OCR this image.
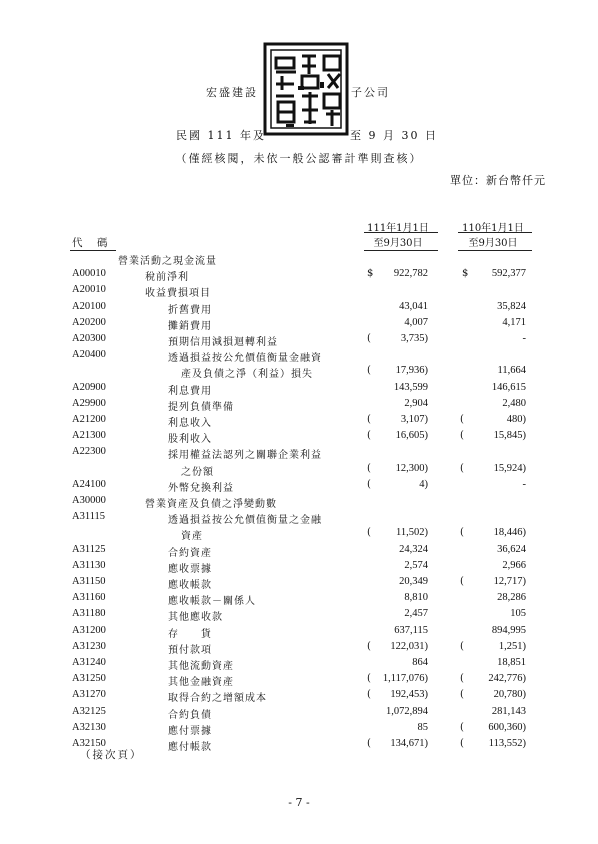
宏盛建設	子公司
民國 111 年及	至 9 月 30 日
（僅經核閱，未依一般公認審計準則查核）
單位：新台幣仟元
111年1月1日
至9月30日
110年1月1日
至9月30日
代　碼
營業活動之現金流量
A00010	稅前淨利	$ 922,782	$ 592,377
A20010	收益費損項目
A20100	折舊費用	43,041	35,824
A20200	攤銷費用	4,007	4,171
A20300	預期信用減損迴轉利益	(	3,735)	-
A20400	透過損益按公允價值衡量金融資
產及負債之淨（利益）損失	( 17,936)	11,664
A20900	利息費用	143,599	146,615
A29900	提列負債準備	2,904	2,480
A21200	利息收入	(	3,107)	(	480)
A21300	股利收入	( 16,605)	(	15,845)
A22300	採用權益法認列之關聯企業利益
之份額	( 12,300)	(	15,924)
A24100	外幣兌換利益	(	4)	-
A30000	營業資產及負債之淨變動數
A31115	透過損益按公允價值衡量之金融
資產	( 11,502)	(	18,446)
A31125	合約資產	24,324	36,624
A31130	應收票據	2,574	2,966
A31150	應收帳款	20,349	(	12,717)
A31160	應收帳款－關係人	8,810	28,286
A31180	其他應收款	2,457	105
A31200	存　　貨	637,115	894,995
A31230	預付款項	( 122,031)	(	1,251)
A31240	其他流動資產	864	18,851
A31250	其他金融資產	( 1,117,076)	( 242,776)
A31270	取得合約之增額成本	( 192,453)	(	20,780)
A32125	合約負債	1,072,894	281,143
A32130	應付票據	85	( 600,360)
A32150	應付帳款	( 134,671)	( 113,552)
（接次頁）
- 7 -
